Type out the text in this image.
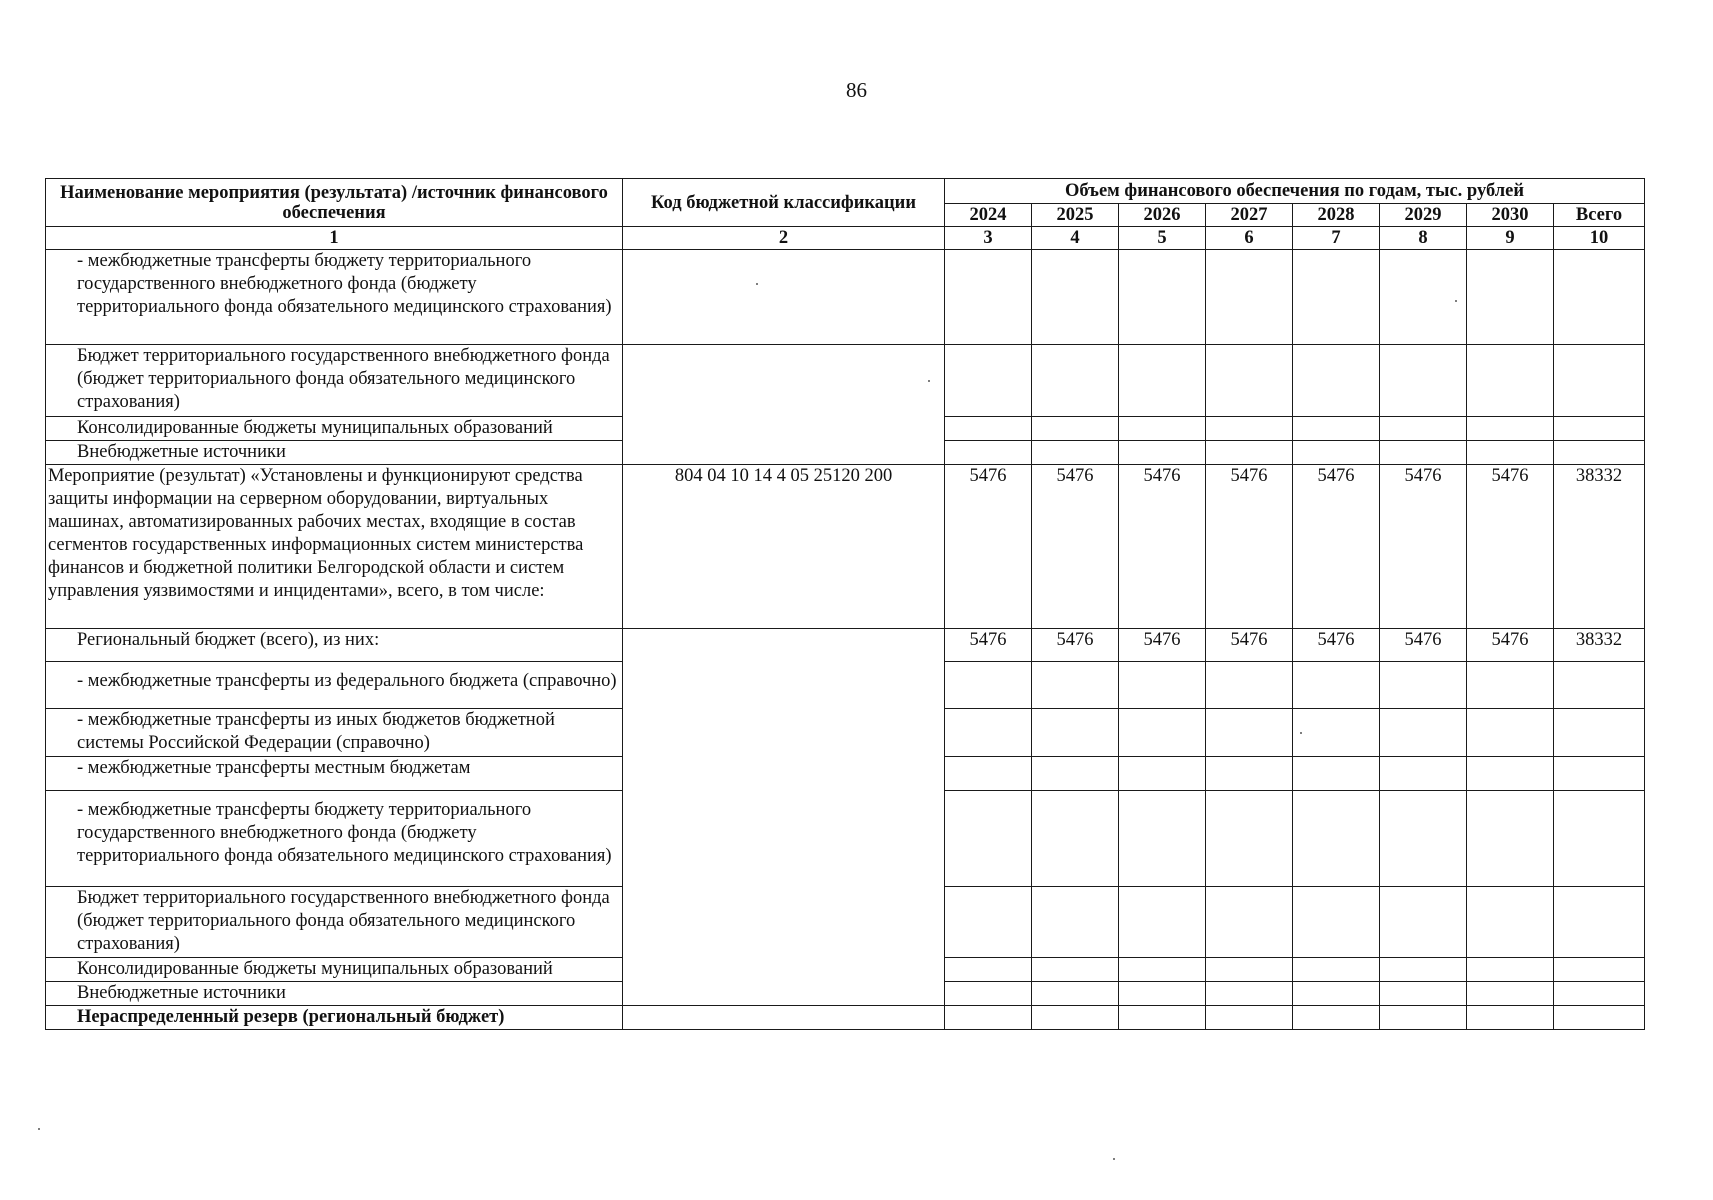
86
Наименование мероприятия (результата) /источник финансового обеспечения	Код бюджетной классификации	Объем финансового обеспечения по годам, тыс. рублей							
		2024	2025	2026	2027	2028	2029	2030	Всего
1	2	3	4	5	6	7	8	9	10
- межбюджетные трансферты бюджету территориального государственного внебюджетного фонда (бюджету территориального фонда обязательного медицинского страхования)									
Бюджет территориального государственного внебюджетного фонда (бюджет территориального фонда обязательного медицинского страхования)									
Консолидированные бюджеты муниципальных образований									
Внебюджетные источники									
Мероприятие (результат) «Установлены и функционируют средства защиты информации на серверном оборудовании, виртуальных машинах, автоматизированных рабочих местах, входящие в состав сегментов государственных информационных систем министерства финансов и бюджетной политики Белгородской области и систем управления уязвимостями и инцидентами», всего, в том числе:	804 04 10 14 4 05 25120 200	5476	5476	5476	5476	5476	5476	5476	38332
Региональный бюджет (всего), из них:		5476	5476	5476	5476	5476	5476	5476	38332
- межбюджетные трансферты из федерального бюджета (справочно)									
- межбюджетные трансферты из иных бюджетов бюджетной системы Российской Федерации (справочно)									
- межбюджетные трансферты местным бюджетам									
- межбюджетные трансферты бюджету территориального государственного внебюджетного фонда (бюджету территориального фонда обязательного медицинского страхования)									
Бюджет территориального государственного внебюджетного фонда (бюджет территориального фонда обязательного медицинского страхования)									
Консолидированные бюджеты муниципальных образований									
Внебюджетные источники									
Нераспределенный резерв (региональный бюджет)									
